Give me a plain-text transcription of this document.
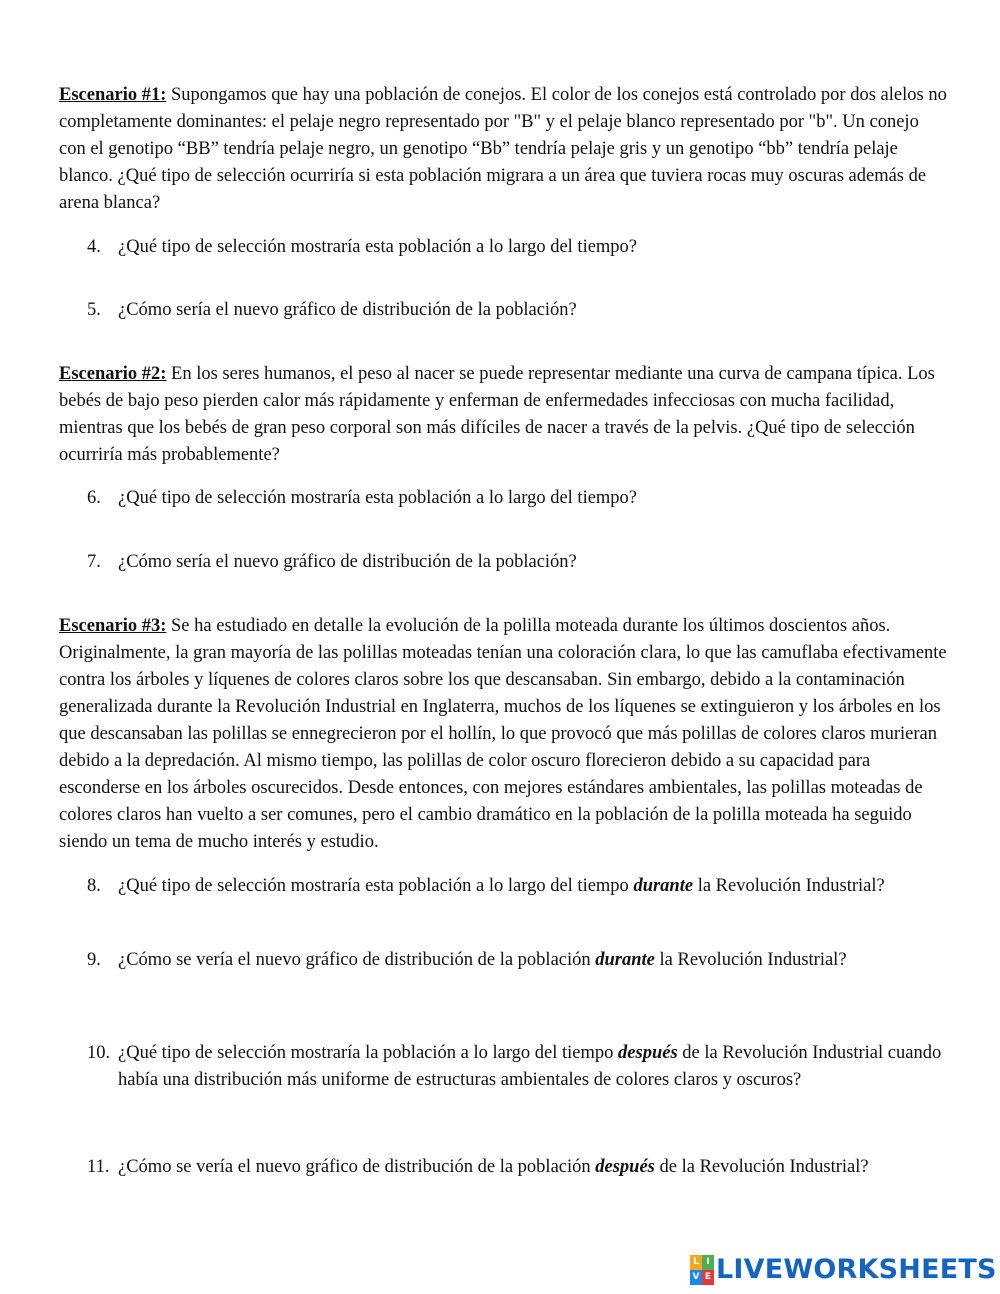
Escenario #1: Supongamos que hay una población de conejos. El color de los conejos está controlado por dos alelos no completamente dominantes: el pelaje negro representado por "B" y el pelaje blanco representado por "b". Un conejo con el genotipo “BB” tendría pelaje negro, un genotipo “Bb” tendría pelaje gris y un genotipo “bb” tendría pelaje blanco. ¿Qué tipo de selección ocurriría si esta población migrara a un área que tuviera rocas muy oscuras además de arena blanca?

4. ¿Qué tipo de selección mostraría esta población a lo largo del tiempo?

5. ¿Cómo sería el nuevo gráfico de distribución de la población?

Escenario #2: En los seres humanos, el peso al nacer se puede representar mediante una curva de campana típica. Los bebés de bajo peso pierden calor más rápidamente y enferman de enfermedades infecciosas con mucha facilidad, mientras que los bebés de gran peso corporal son más difíciles de nacer a través de la pelvis. ¿Qué tipo de selección ocurriría más probablemente?

6. ¿Qué tipo de selección mostraría esta población a lo largo del tiempo?

7. ¿Cómo sería el nuevo gráfico de distribución de la población?

Escenario #3: Se ha estudiado en detalle la evolución de la polilla moteada durante los últimos doscientos años. Originalmente, la gran mayoría de las polillas moteadas tenían una coloración clara, lo que las camuflaba efectivamente contra los árboles y líquenes de colores claros sobre los que descansaban. Sin embargo, debido a la contaminación generalizada durante la Revolución Industrial en Inglaterra, muchos de los líquenes se extinguieron y los árboles en los que descansaban las polillas se ennegrecieron por el hollín, lo que provocó que más polillas de colores claros murieran debido a la depredación. Al mismo tiempo, las polillas de color oscuro florecieron debido a su capacidad para esconderse en los árboles oscurecidos. Desde entonces, con mejores estándares ambientales, las polillas moteadas de colores claros han vuelto a ser comunes, pero el cambio dramático en la población de la polilla moteada ha seguido siendo un tema de mucho interés y estudio.

8. ¿Qué tipo de selección mostraría esta población a lo largo del tiempo durante la Revolución Industrial?

9. ¿Cómo se vería el nuevo gráfico de distribución de la población durante la Revolución Industrial?

10. ¿Qué tipo de selección mostraría la población a lo largo del tiempo después de la Revolución Industrial cuando había una distribución más uniforme de estructuras ambientales de colores claros y oscuros?

11. ¿Cómo se vería el nuevo gráfico de distribución de la población después de la Revolución Industrial?

L I
V E LIVEWORKSHEETS
